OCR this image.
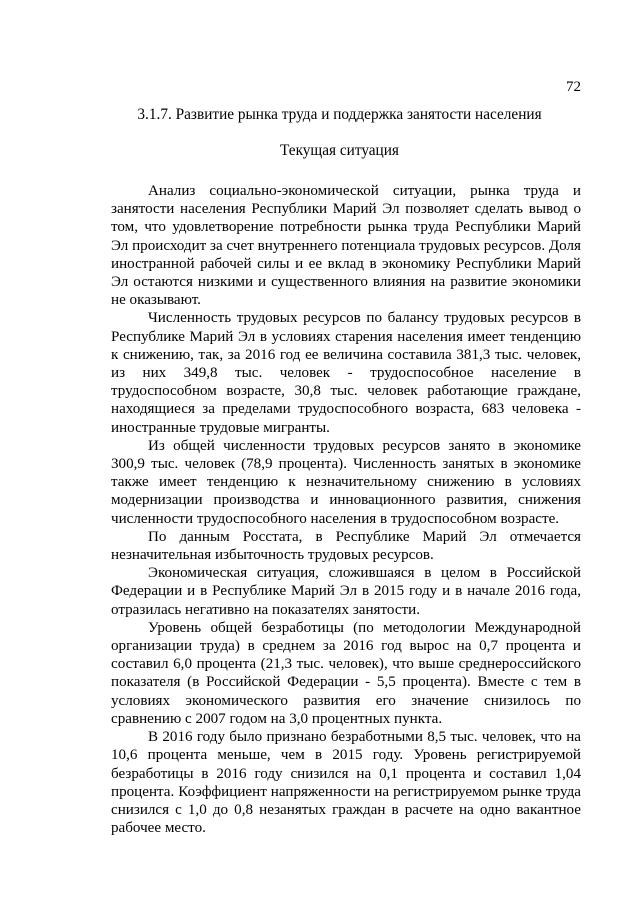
72
3.1.7. Развитие рынка труда и поддержка занятости населения
Текущая ситуация

Анализ социально-экономической ситуации, рынка труда и занятости населения Республики Марий Эл позволяет сделать вывод о том, что удовлетворение потребности рынка труда Республики Марий Эл происходит за счет внутреннего потенциала трудовых ресурсов. Доля иностранной рабочей силы и ее вклад в экономику Республики Марий Эл остаются низкими и существенного влияния на развитие экономики не оказывают.

Численность трудовых ресурсов по балансу трудовых ресурсов в Республике Марий Эл в условиях старения населения имеет тенденцию к снижению, так, за 2016 год ее величина составила 381,3 тыс. человек, из них 349,8 тыс. человек - трудоспособное население в трудоспособном возрасте, 30,8 тыс. человек работающие граждане, находящиеся за пределами трудоспособного возраста, 683 человека - иностранные трудовые мигранты.

Из общей численности трудовых ресурсов занято в экономике 300,9 тыс. человек (78,9 процента). Численность занятых в экономике также имеет тенденцию к незначительному снижению в условиях модернизации производства и инновационного развития, снижения численности трудоспособного населения в трудоспособном возрасте.

По данным Росстата, в Республике Марий Эл отмечается незначительная избыточность трудовых ресурсов.

Экономическая ситуация, сложившаяся в целом в Российской Федерации и в Республике Марий Эл в 2015 году и в начале 2016 года, отразилась негативно на показателях занятости.

Уровень общей безработицы (по методологии Международной организации труда) в среднем за 2016 год вырос на 0,7 процента и составил 6,0 процента (21,3 тыс. человек), что выше среднероссийского показателя (в Российской Федерации - 5,5 процента). Вместе с тем в условиях экономического развития его значение снизилось по сравнению с 2007 годом на 3,0 процентных пункта.

В 2016 году было признано безработными 8,5 тыс. человек, что на 10,6 процента меньше, чем в 2015 году. Уровень регистрируемой безработицы в 2016 году снизился на 0,1 процента и составил 1,04 процента. Коэффициент напряженности на регистрируемом рынке труда снизился с 1,0 до 0,8 незанятых граждан в расчете на одно вакантное рабочее место.
